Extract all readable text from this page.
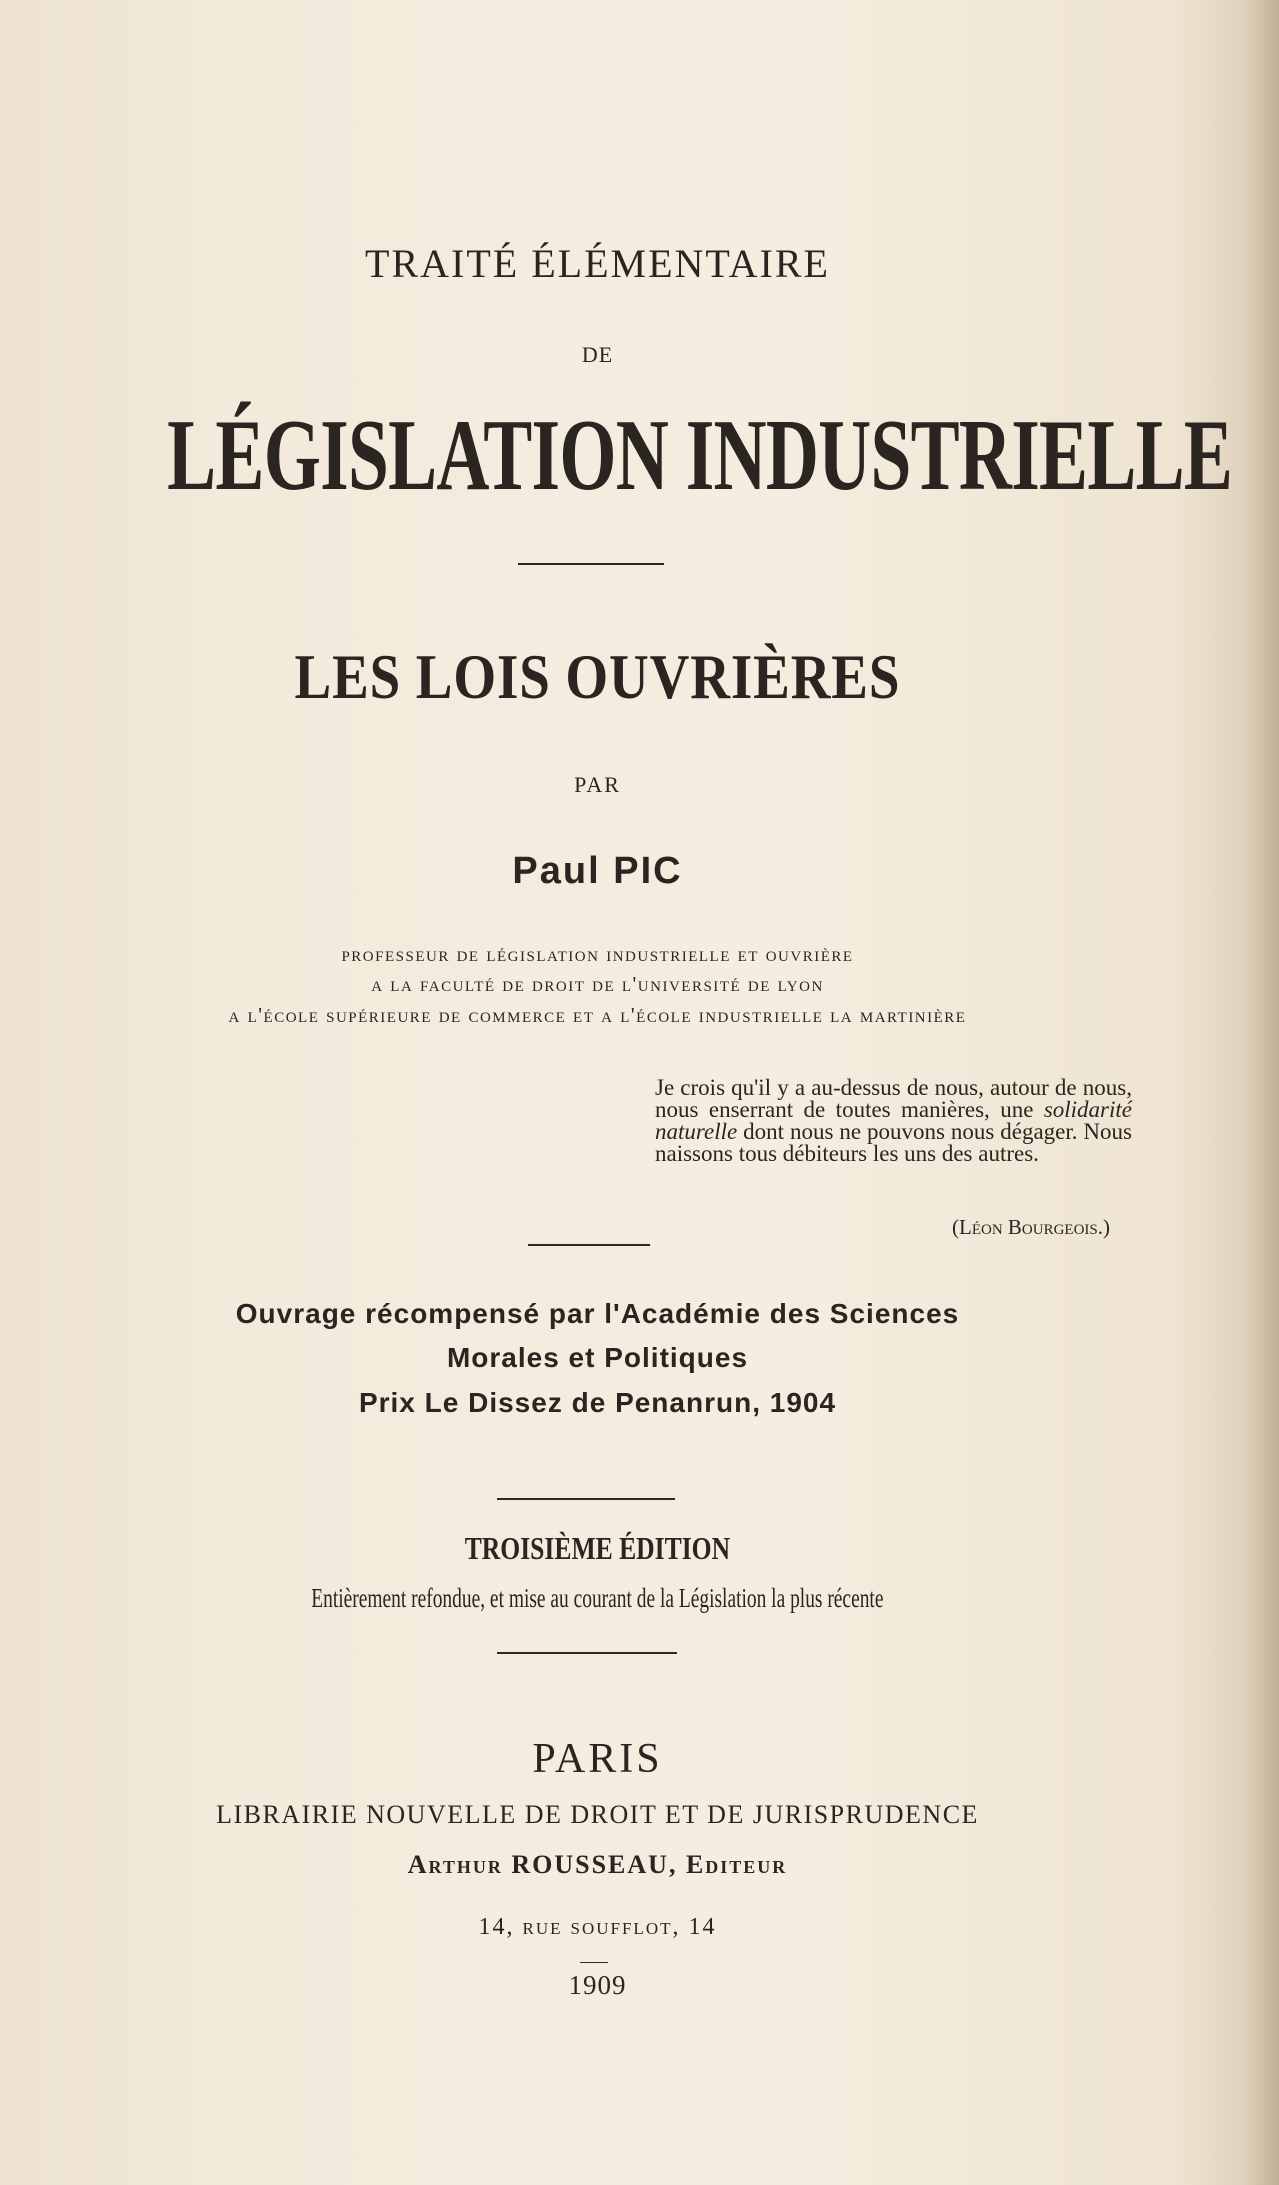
TRAITÉ ÉLÉMENTAIRE
DE
LÉGISLATION INDUSTRIELLE
LES LOIS OUVRIÈRES
PAR
Paul PIC
professeur de législation industrielle et ouvrière
a la faculté de droit de l'université de lyon
a l'école supérieure de commerce et a l'école industrielle la martinière
Je crois qu'il y a au-dessus de nous, autour de nous, nous enserrant de toutes manières, une solidarité naturelle dont nous ne pouvons nous dégager. Nous naissons tous débiteurs les uns des autres.
(Léon Bourgeois.)
Ouvrage récompensé par l'Académie des Sciences
Morales et Politiques
Prix Le Dissez de Penanrun, 1904
TROISIÈME ÉDITION
Entièrement refondue, et mise au courant de la Législation la plus récente
PARIS
LIBRAIRIE NOUVELLE DE DROIT ET DE JURISPRUDENCE
Arthur ROUSSEAU, Editeur
14, rue soufflot, 14
1909
